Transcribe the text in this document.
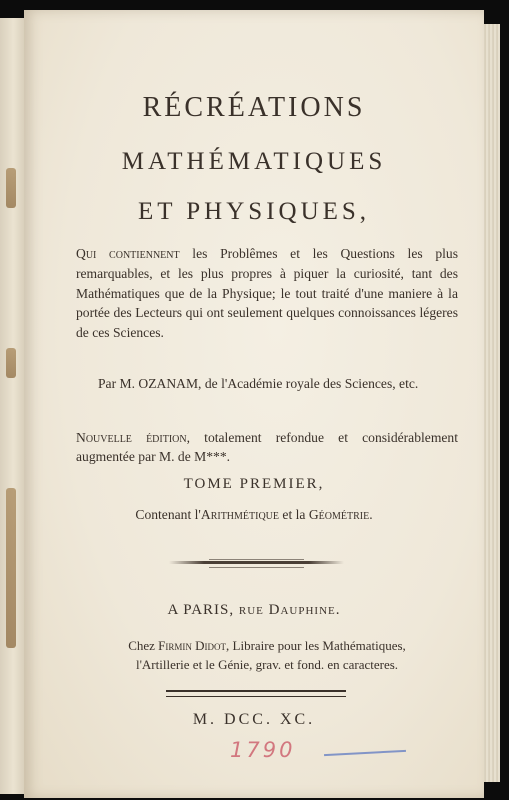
RÉCRÉATIONS
MATHÉMATIQUES
ET PHYSIQUES,
Qui contiennent les Problêmes et les Questions les plus remarquables, et les plus propres à piquer la curiosité, tant des Mathématiques que de la Physique; le tout traité d'une maniere à la portée des Lecteurs qui ont seulement quelques connoissances légeres de ces Sciences.
Par M. OZANAM, de l'Académie royale des Sciences, etc.
Nouvelle édition, totalement refondue et considérablement augmentée par M. de M***.
TOME PREMIER,
Contenant l'Arithmétique et la Géométrie.
A PARIS, rue Dauphine.
Chez Firmin Didot, Libraire pour les Mathématiques,
l'Artillerie et le Génie, grav. et fond. en caracteres.
M. DCC. XC.
1790
